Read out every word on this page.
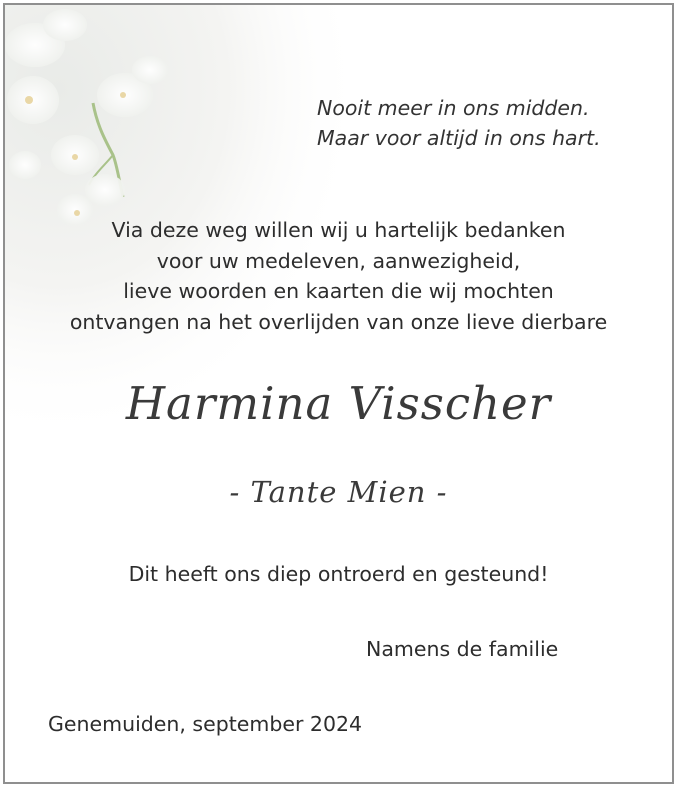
Nooit meer in ons midden.
Maar voor altijd in ons hart.
Via deze weg willen wij u hartelijk bedanken
voor uw medeleven, aanwezigheid,
lieve woorden en kaarten die wij mochten
ontvangen na het overlijden van onze lieve dierbare
Harmina Visscher
- Tante Mien -
Dit heeft ons diep ontroerd en gesteund!
Namens de familie
Genemuiden, september 2024
